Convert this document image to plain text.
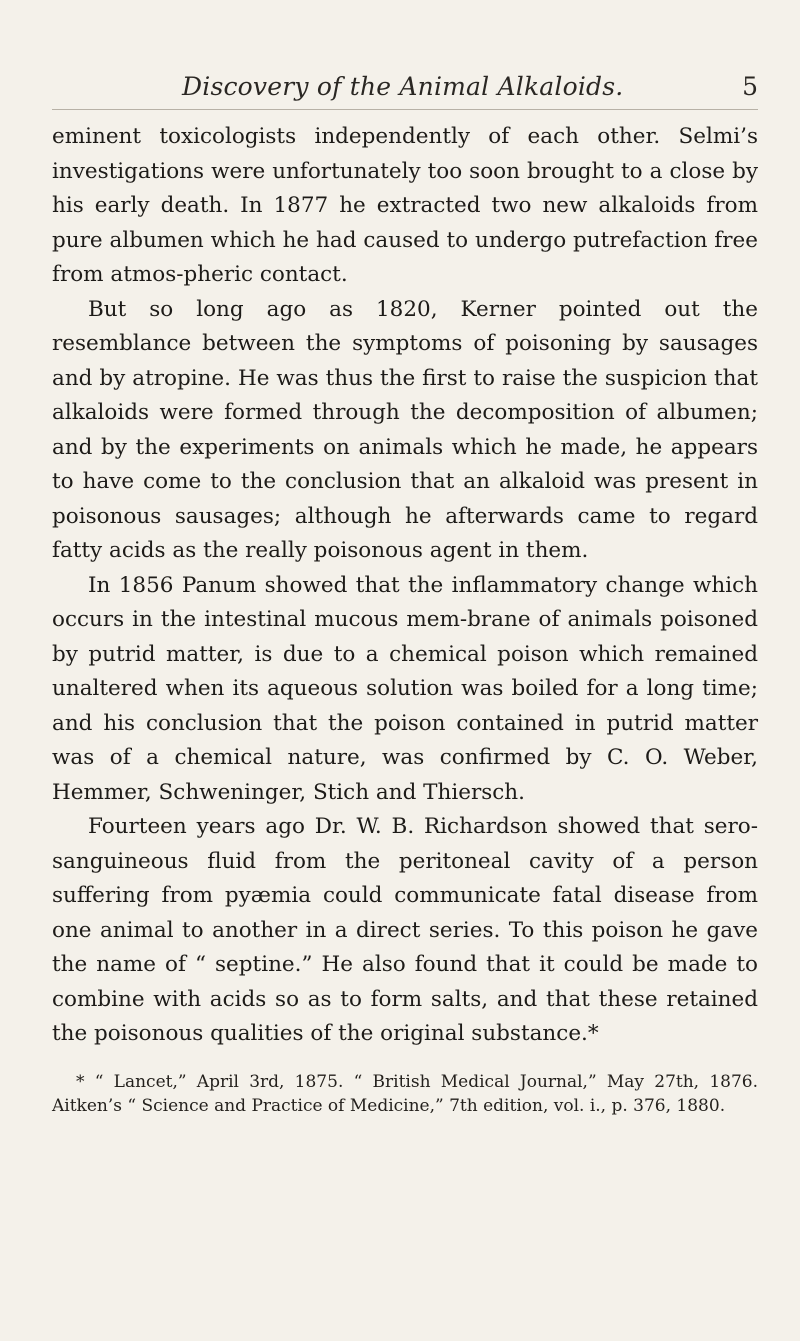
Discovery of the Animal Alkaloids.	5

eminent toxicologists independently of each other. Selmi’s investigations were unfortunately too soon brought to a close by his early death. In 1877 he extracted two new alkaloids from pure albumen which he had caused to undergo putrefaction free from atmos-pheric contact.

But so long ago as 1820, Kerner pointed out the resemblance between the symptoms of poisoning by sausages and by atropine. He was thus the first to raise the suspicion that alkaloids were formed through the decomposition of albumen; and by the experiments on animals which he made, he appears to have come to the conclusion that an alkaloid was present in poisonous sausages; although he afterwards came to regard fatty acids as the really poisonous agent in them.

In 1856 Panum showed that the inflammatory change which occurs in the intestinal mucous mem-brane of animals poisoned by putrid matter, is due to a chemical poison which remained unaltered when its aqueous solution was boiled for a long time; and his conclusion that the poison contained in putrid matter was of a chemical nature, was confirmed by C. O. Weber, Hemmer, Schweninger, Stich and Thiersch.

Fourteen years ago Dr. W. B. Richardson showed that sero-sanguineous fluid from the peritoneal cavity of a person suffering from pyæmia could communicate fatal disease from one animal to another in a direct series. To this poison he gave the name of “ septine.” He also found that it could be made to combine with acids so as to form salts, and that these retained the poisonous qualities of the original substance.*

* “ Lancet,” April 3rd, 1875. “ British Medical Journal,” May 27th, 1876. Aitken’s “ Science and Practice of Medicine,” 7th edition, vol. i., p. 376, 1880.
